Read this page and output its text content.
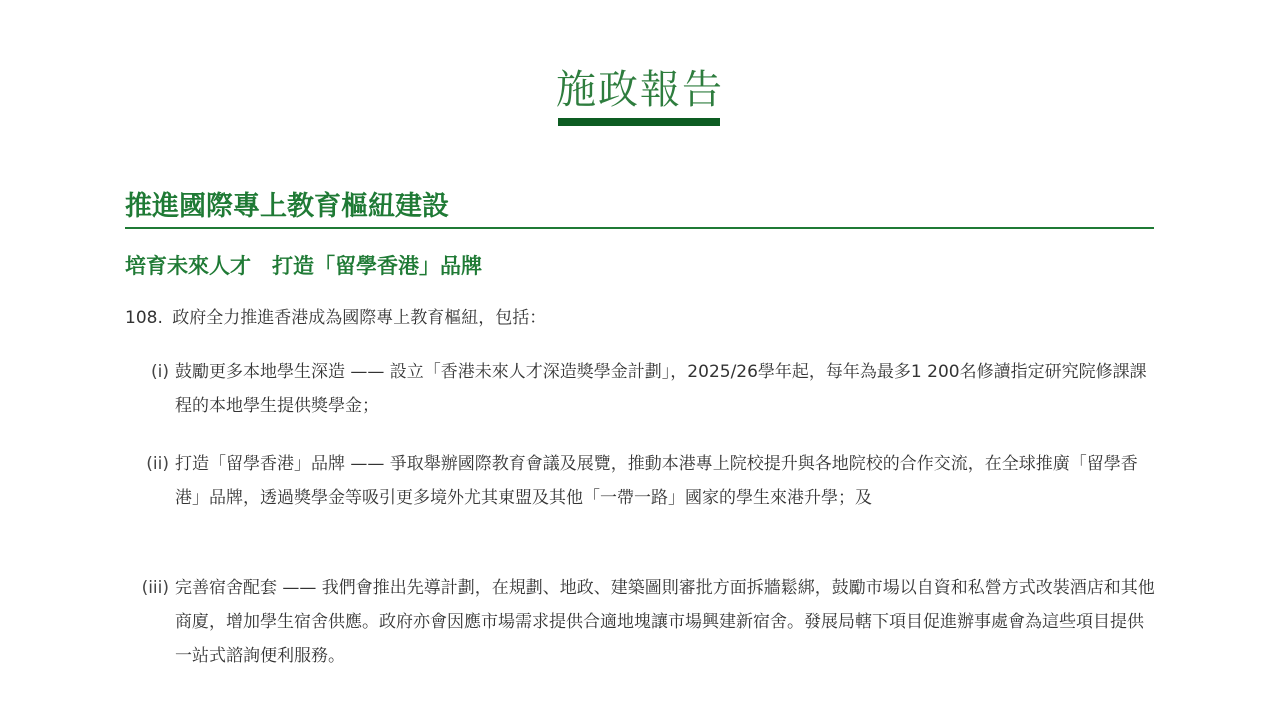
施政報告
推進國際專上教育樞紐建設
培育未來人才　打造「留學香港」品牌

108. 政府全力推進香港成為國際專上教育樞紐，包括：

(i) 鼓勵更多本地學生深造 —— 設立「香港未來人才深造獎學金計劃」，2025/26學年起，每年為最多1 200名修讀指定研究院修課課程的本地學生提供獎學金；
(ii) 打造「留學香港」品牌 —— 爭取舉辦國際教育會議及展覽，推動本港專上院校提升與各地院校的合作交流，在全球推廣「留學香港」品牌，透過獎學金等吸引更多境外尤其東盟及其他「一帶一路」國家的學生來港升學；及
(iii) 完善宿舍配套 —— 我們會推出先導計劃，在規劃、地政、建築圖則審批方面拆牆鬆綁，鼓勵市場以自資和私營方式改裝酒店和其他商廈，增加學生宿舍供應。政府亦會因應市場需求提供合適地塊讓市場興建新宿舍。發展局轄下項目促進辦事處會為這些項目提供一站式諮詢便利服務。
